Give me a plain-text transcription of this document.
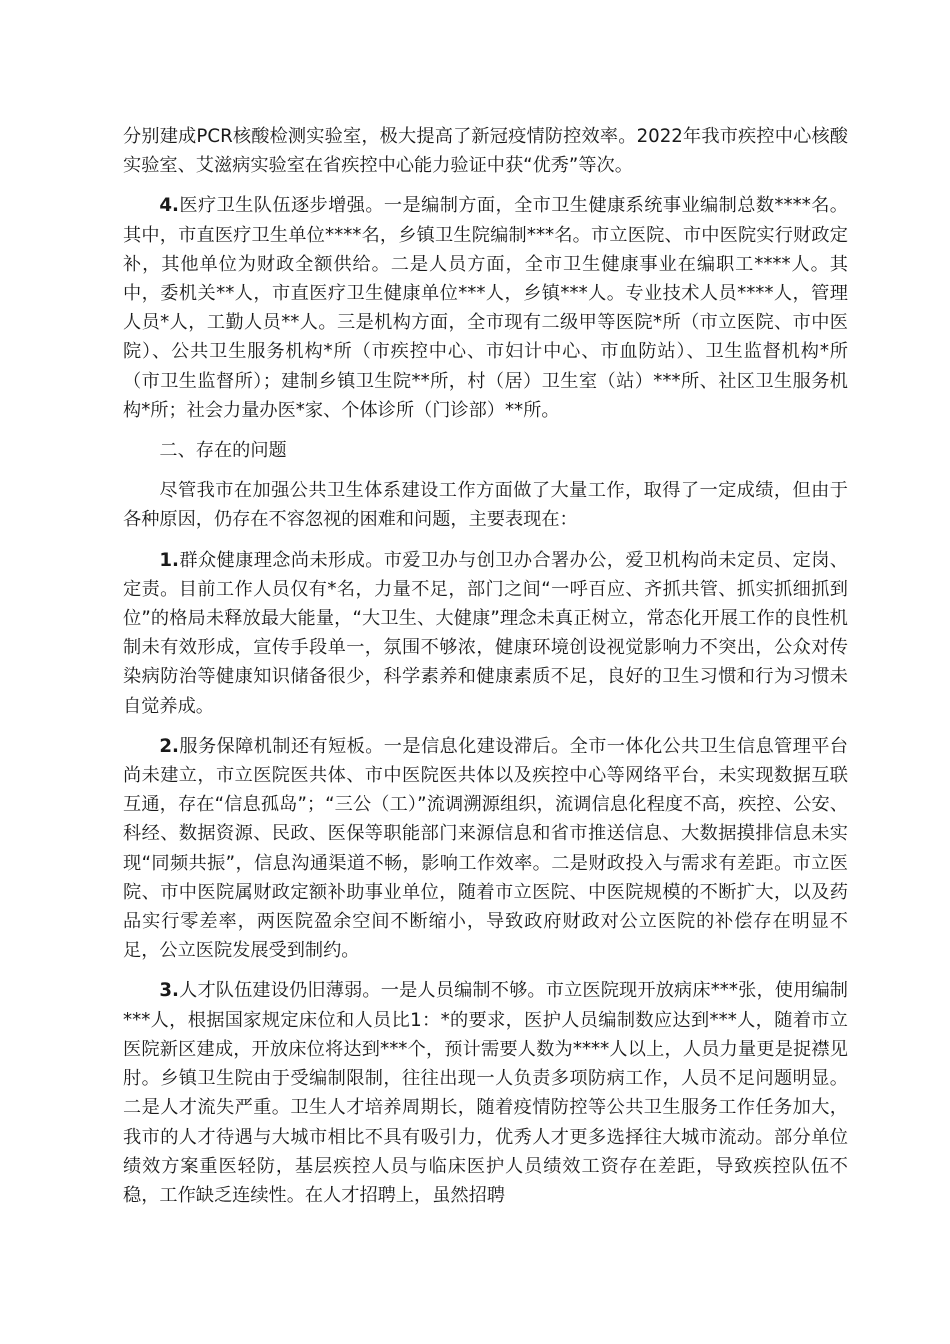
分别建成PCR核酸检测实验室，极大提高了新冠疫情防控效率。2022年我市疾控中心核酸实验室、艾滋病实验室在省疾控中心能力验证中获“优秀”等次。

4.医疗卫生队伍逐步增强。一是编制方面，全市卫生健康系统事业编制总数****名。其中，市直医疗卫生单位****名，乡镇卫生院编制***名。市立医院、市中医院实行财政定补，其他单位为财政全额供给。二是人员方面，全市卫生健康事业在编职工****人。其中，委机关**人，市直医疗卫生健康单位***人，乡镇***人。专业技术人员****人，管理人员*人，工勤人员**人。三是机构方面，全市现有二级甲等医院*所（市立医院、市中医院）、公共卫生服务机构*所（市疾控中心、市妇计中心、市血防站）、卫生监督机构*所（市卫生监督所）；建制乡镇卫生院**所，村（居）卫生室（站）***所、社区卫生服务机构*所；社会力量办医*家、个体诊所（门诊部）**所。

二、存在的问题

尽管我市在加强公共卫生体系建设工作方面做了大量工作，取得了一定成绩，但由于各种原因，仍存在不容忽视的困难和问题，主要表现在：

1.群众健康理念尚未形成。市爱卫办与创卫办合署办公，爱卫机构尚未定员、定岗、定责。目前工作人员仅有*名，力量不足，部门之间“一呼百应、齐抓共管、抓实抓细抓到位”的格局未释放最大能量，“大卫生、大健康”理念未真正树立，常态化开展工作的良性机制未有效形成，宣传手段单一，氛围不够浓，健康环境创设视觉影响力不突出，公众对传染病防治等健康知识储备很少，科学素养和健康素质不足，良好的卫生习惯和行为习惯未自觉养成。

2.服务保障机制还有短板。一是信息化建设滞后。全市一体化公共卫生信息管理平台尚未建立，市立医院医共体、市中医院医共体以及疾控中心等网络平台，未实现数据互联互通，存在“信息孤岛”；“三公（工）”流调溯源组织，流调信息化程度不高，疾控、公安、科经、数据资源、民政、医保等职能部门来源信息和省市推送信息、大数据摸排信息未实现“同频共振”，信息沟通渠道不畅，影响工作效率。二是财政投入与需求有差距。市立医院、市中医院属财政定额补助事业单位，随着市立医院、中医院规模的不断扩大，以及药品实行零差率，两医院盈余空间不断缩小，导致政府财政对公立医院的补偿存在明显不足，公立医院发展受到制约。

3.人才队伍建设仍旧薄弱。一是人员编制不够。市立医院现开放病床***张，使用编制***人，根据国家规定床位和人员比1：*的要求，医护人员编制数应达到***人，随着市立医院新区建成，开放床位将达到***个，预计需要人数为****人以上，人员力量更是捉襟见肘。乡镇卫生院由于受编制限制，往往出现一人负责多项防病工作，人员不足问题明显。二是人才流失严重。卫生人才培养周期长，随着疫情防控等公共卫生服务工作任务加大，我市的人才待遇与大城市相比不具有吸引力，优秀人才更多选择往大城市流动。部分单位绩效方案重医轻防，基层疾控人员与临床医护人员绩效工资存在差距，导致疾控队伍不稳，工作缺乏连续性。在人才招聘上，虽然招聘
